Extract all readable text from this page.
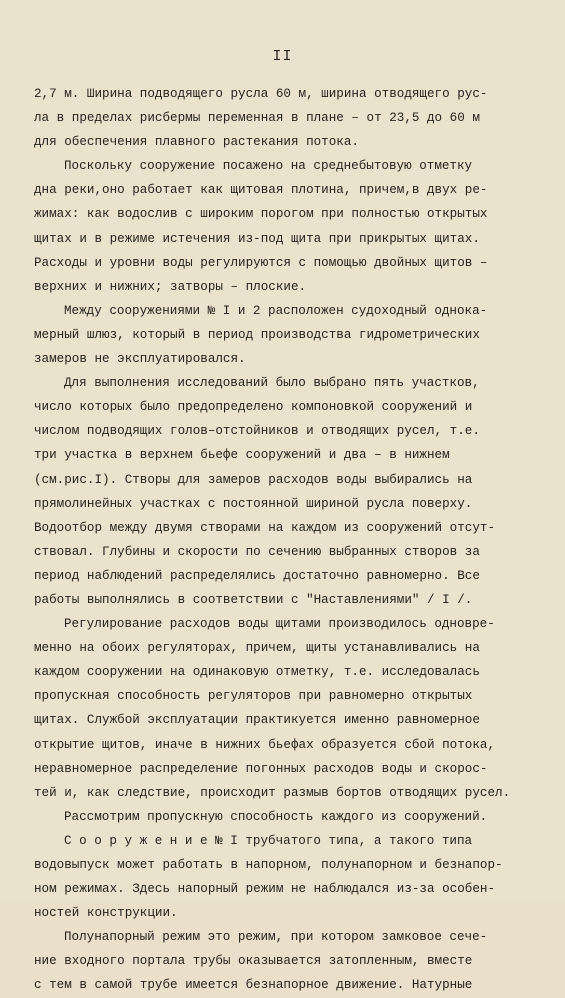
II
2,7 м. Ширина подводящего русла 60 м, ширина отводящего рус-
ла в пределах рисбермы переменная в плане – от 23,5 до 60 м
для обеспечения плавного растекания потока.
Поскольку сооружение посажено на среднебытовую отметку
дна реки,оно работает как щитовая плотина, причем,в двух ре-
жимах: как водослив с широким порогом при полностью открытых
щитах и в режиме истечения из-под щита при прикрытых щитах.
Расходы и уровни воды регулируются с помощью двойных щитов –
верхних и нижних; затворы – плоские.
Между сооружениями № I и 2 расположен судоходный однока-
мерный шлюз, который в период производства гидрометрических
замеров не эксплуатировался.
Для выполнения исследований было выбрано пять участков,
число которых было предопределено компоновкой сооружений и
числом подводящих голов–отстойников и отводящих русел, т.е.
три участка в верхнем бьефе сооружений и два – в нижнем
(см.рис.I). Створы для замеров расходов воды выбирались на
прямолинейных участках с постоянной шириной русла поверху.
Водоотбор между двумя створами на каждом из сооружений отсут-
ствовал. Глубины и скорости по сечению выбранных створов за
период наблюдений распределялись достаточно равномерно. Все
работы выполнялись в соответствии с "Наставлениями" / I /.
Регулирование расходов воды щитами производилось одновре-
менно на обоих регуляторах, причем, щиты устанавливались на
каждом сооружении на одинаковую отметку, т.е. исследовалась
пропускная способность регуляторов при равномерно открытых
щитах. Службой эксплуатации практикуется именно равномерное
открытие щитов, иначе в нижних бьефах образуется сбой потока,
неравномерное распределение погонных расходов воды и скорос-
тей и, как следствие, происходит размыв бортов отводящих русел.
Рассмотрим пропускную способность каждого из сооружений.
С о о р у ж е н и е № I трубчатого типа, а такого типа
водовыпуск может работать в напорном, полунапорном и безнапор-
ном режимах. Здесь напорный режим не наблюдался из-за особен-
ностей конструкции.
Полунапорный режим это режим, при котором замковое сече-
ние входного портала трубы оказывается затопленным, вместе
с тем в самой трубе имеется безнапорное движение. Натурные
